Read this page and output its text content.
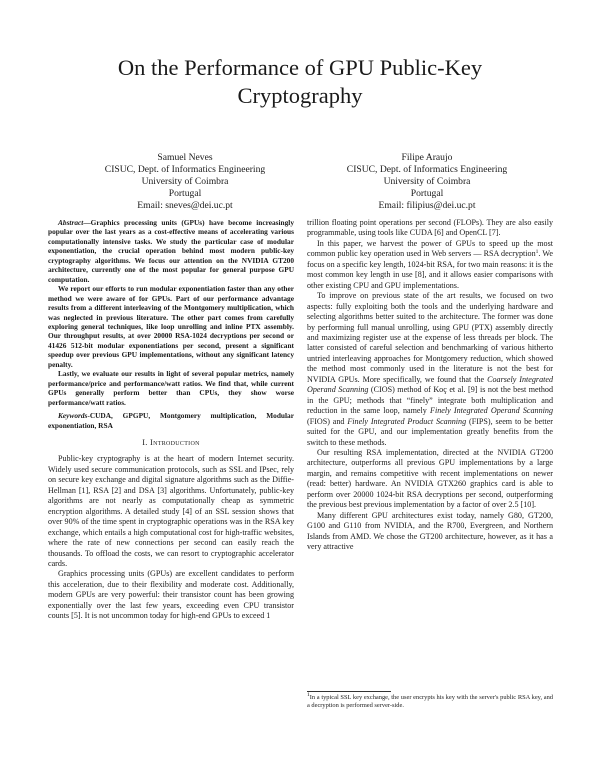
On the Performance of GPU Public-Key Cryptography
Samuel Neves
CISUC, Dept. of Informatics Engineering
University of Coimbra
Portugal
Email: sneves@dei.uc.pt
Filipe Araujo
CISUC, Dept. of Informatics Engineering
University of Coimbra
Portugal
Email: filipius@dei.uc.pt

Abstract—Graphics processing units (GPUs) have become increasingly popular over the last years as a cost-effective means of accelerating various computationally intensive tasks. We study the particular case of modular exponentiation, the crucial operation behind most modern public-key cryptography algorithms. We focus our attention on the NVIDIA GT200 architecture, currently one of the most popular for general purpose GPU computation.

We report our efforts to run modular exponentiation faster than any other method we were aware of for GPUs. Part of our performance advantage results from a different interleaving of the Montgomery multiplication, which was neglected in previous literature. The other part comes from carefully exploring general techniques, like loop unrolling and inline PTX assembly. Our throughput results, at over 20000 RSA-1024 decryptions per second or 41426 512-bit modular exponentiations per second, present a significant speedup over previous GPU implementations, without any significant latency penalty.

Lastly, we evaluate our results in light of several popular metrics, namely performance/price and performance/watt ratios. We find that, while current GPUs generally perform better than CPUs, they show worse performance/watt ratios.

Keywords-CUDA, GPGPU, Montgomery multiplication, Modular exponentiation, RSA

I. Introduction

Public-key cryptography is at the heart of modern Internet security. Widely used secure communication protocols, such as SSL and IPsec, rely on secure key exchange and digital signature algorithms such as the Diffie-Hellman [1], RSA [2] and DSA [3] algorithms. Unfortunately, public-key algorithms are not nearly as computationally cheap as symmetric encryption algorithms. A detailed study [4] of an SSL session shows that over 90% of the time spent in cryptographic operations was in the RSA key exchange, which entails a high computational cost for high-traffic websites, where the rate of new connections per second can easily reach the thousands. To offload the costs, we can resort to cryptographic accelerator cards.

Graphics processing units (GPUs) are excellent candidates to perform this acceleration, due to their flexibility and moderate cost. Additionally, modern GPUs are very powerful: their transistor count has been growing exponentially over the last few years, exceeding even CPU transistor counts [5]. It is not uncommon today for high-end GPUs to exceed 1

trillion floating point operations per second (FLOPs). They are also easily programmable, using tools like CUDA [6] and OpenCL [7].

In this paper, we harvest the power of GPUs to speed up the most common public key operation used in Web servers — RSA decryption$^1$. We focus on a specific key length, 1024-bit RSA, for two main reasons: it is the most common key length in use [8], and it allows easier comparisons with other existing CPU and GPU implementations.

To improve on previous state of the art results, we focused on two aspects: fully exploiting both the tools and the underlying hardware and selecting algorithms better suited to the architecture. The former was done by performing full manual unrolling, using GPU (PTX) assembly directly and maximizing register use at the expense of less threads per block. The latter consisted of careful selection and benchmarking of various hitherto untried interleaving approaches for Montgomery reduction, which showed the method most commonly used in the literature is not the best for NVIDIA GPUs. More specifically, we found that the Coarsely Integrated Operand Scanning (CIOS) method of Koç et al. [9] is not the best method in the GPU; methods that “finely” integrate both multiplication and reduction in the same loop, namely Finely Integrated Operand Scanning (FIOS) and Finely Integrated Product Scanning (FIPS), seem to be better suited for the GPU, and our implementation greatly benefits from the switch to these methods.

Our resulting RSA implementation, directed at the NVIDIA GT200 architecture, outperforms all previous GPU implementations by a large margin, and remains competitive with recent implementations on newer (read: better) hardware. An NVIDIA GTX260 graphics card is able to perform over 20000 1024-bit RSA decryptions per second, outperforming the previous best previous implementation by a factor of over 2.5 [10].

Many different GPU architectures exist today, namely G80, GT200, G100 and G110 from NVIDIA, and the R700, Evergreen, and Northern Islands from AMD. We chose the GT200 architecture, however, as it has a very attractive

$^1$In a typical SSL key exchange, the user encrypts his key with the server's public RSA key, and a decryption is performed server-side.
